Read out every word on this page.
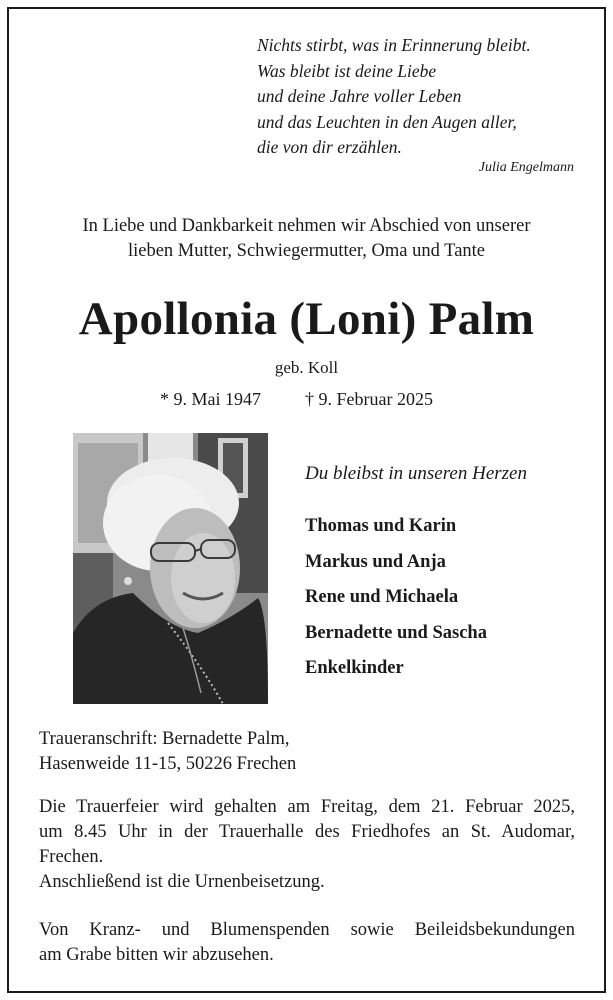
Nichts stirbt, was in Erinnerung bleibt.
Was bleibt ist deine Liebe
und deine Jahre voller Leben
und das Leuchten in den Augen aller,
die von dir erzählen.
Julia Engelmann
In Liebe und Dankbarkeit nehmen wir Abschied von unserer
lieben Mutter, Schwiegermutter, Oma und Tante
Apollonia (Loni) Palm
geb. Koll
* 9. Mai 1947 † 9. Februar 2025
Du bleibst in unseren Herzen
Thomas und Karin
Markus und Anja
Rene und Michaela
Bernadette und Sascha
Enkelkinder
Traueranschrift: Bernadette Palm,
Hasenweide 11-15, 50226 Frechen
Die Trauerfeier wird gehalten am Freitag, dem 21. Februar 2025,
um 8.45 Uhr in der Trauerhalle des Friedhofes an St. Audomar,
Frechen.
Anschließend ist die Urnenbeisetzung.
Von Kranz- und Blumenspenden sowie Beileidsbekundungen
am Grabe bitten wir abzusehen.
